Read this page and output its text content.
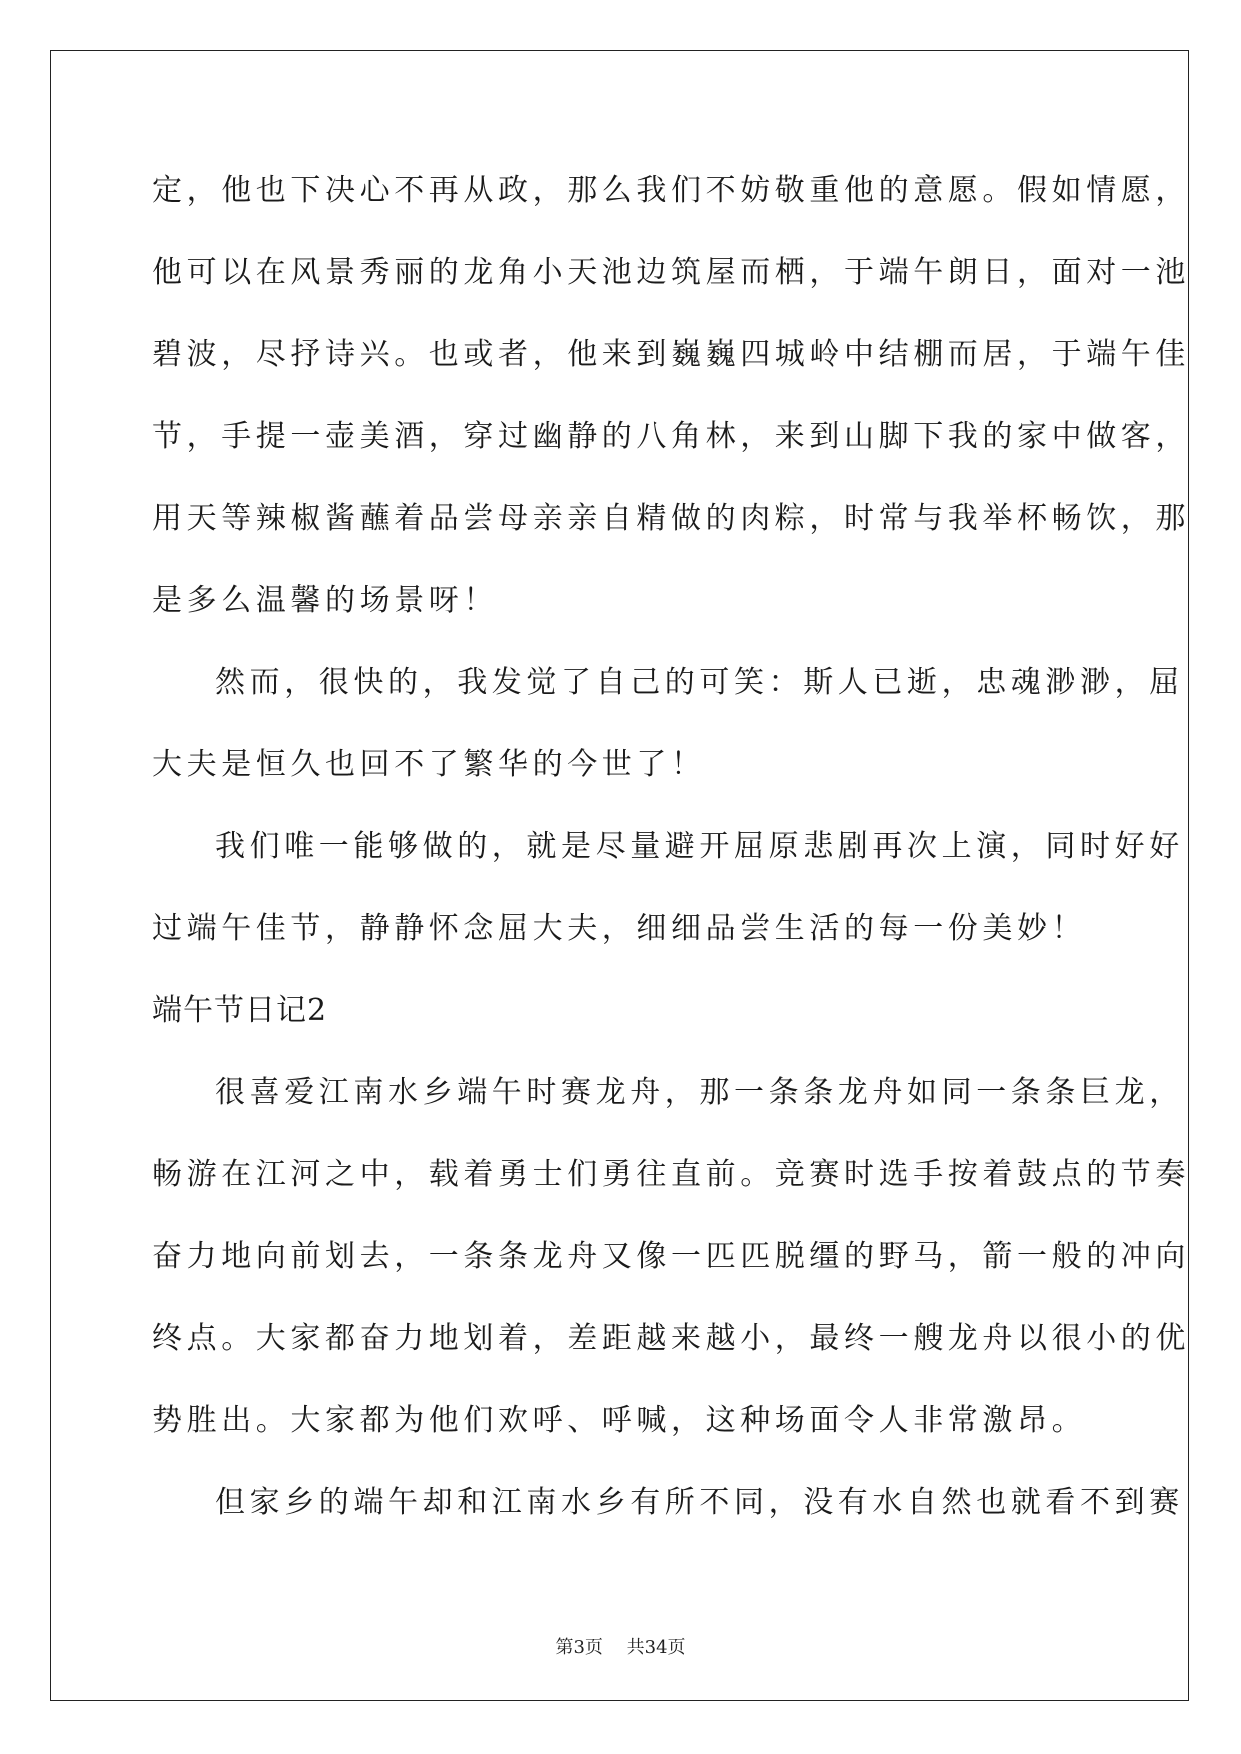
定，他也下决心不再从政，那么我们不妨敬重他的意愿。假如情愿，
他可以在风景秀丽的龙角小天池边筑屋而栖，于端午朗日，面对一池
碧波，尽抒诗兴。也或者，他来到巍巍四城岭中结棚而居，于端午佳
节，手提一壶美酒，穿过幽静的八角林，来到山脚下我的家中做客，
用天等辣椒酱蘸着品尝母亲亲自精做的肉粽，时常与我举杯畅饮，那
是多么温馨的场景呀！
然而，很快的，我发觉了自己的可笑：斯人已逝，忠魂渺渺，屈
大夫是恒久也回不了繁华的今世了！
我们唯一能够做的，就是尽量避开屈原悲剧再次上演，同时好好
过端午佳节，静静怀念屈大夫，细细品尝生活的每一份美妙！
端午节日记2
很喜爱江南水乡端午时赛龙舟，那一条条龙舟如同一条条巨龙，
畅游在江河之中，载着勇士们勇往直前。竞赛时选手按着鼓点的节奏
奋力地向前划去，一条条龙舟又像一匹匹脱缰的野马，箭一般的冲向
终点。大家都奋力地划着，差距越来越小，最终一艘龙舟以很小的优
势胜出。大家都为他们欢呼、呼喊，这种场面令人非常激昂。
但家乡的端午却和江南水乡有所不同，没有水自然也就看不到赛
第3页 共34页
